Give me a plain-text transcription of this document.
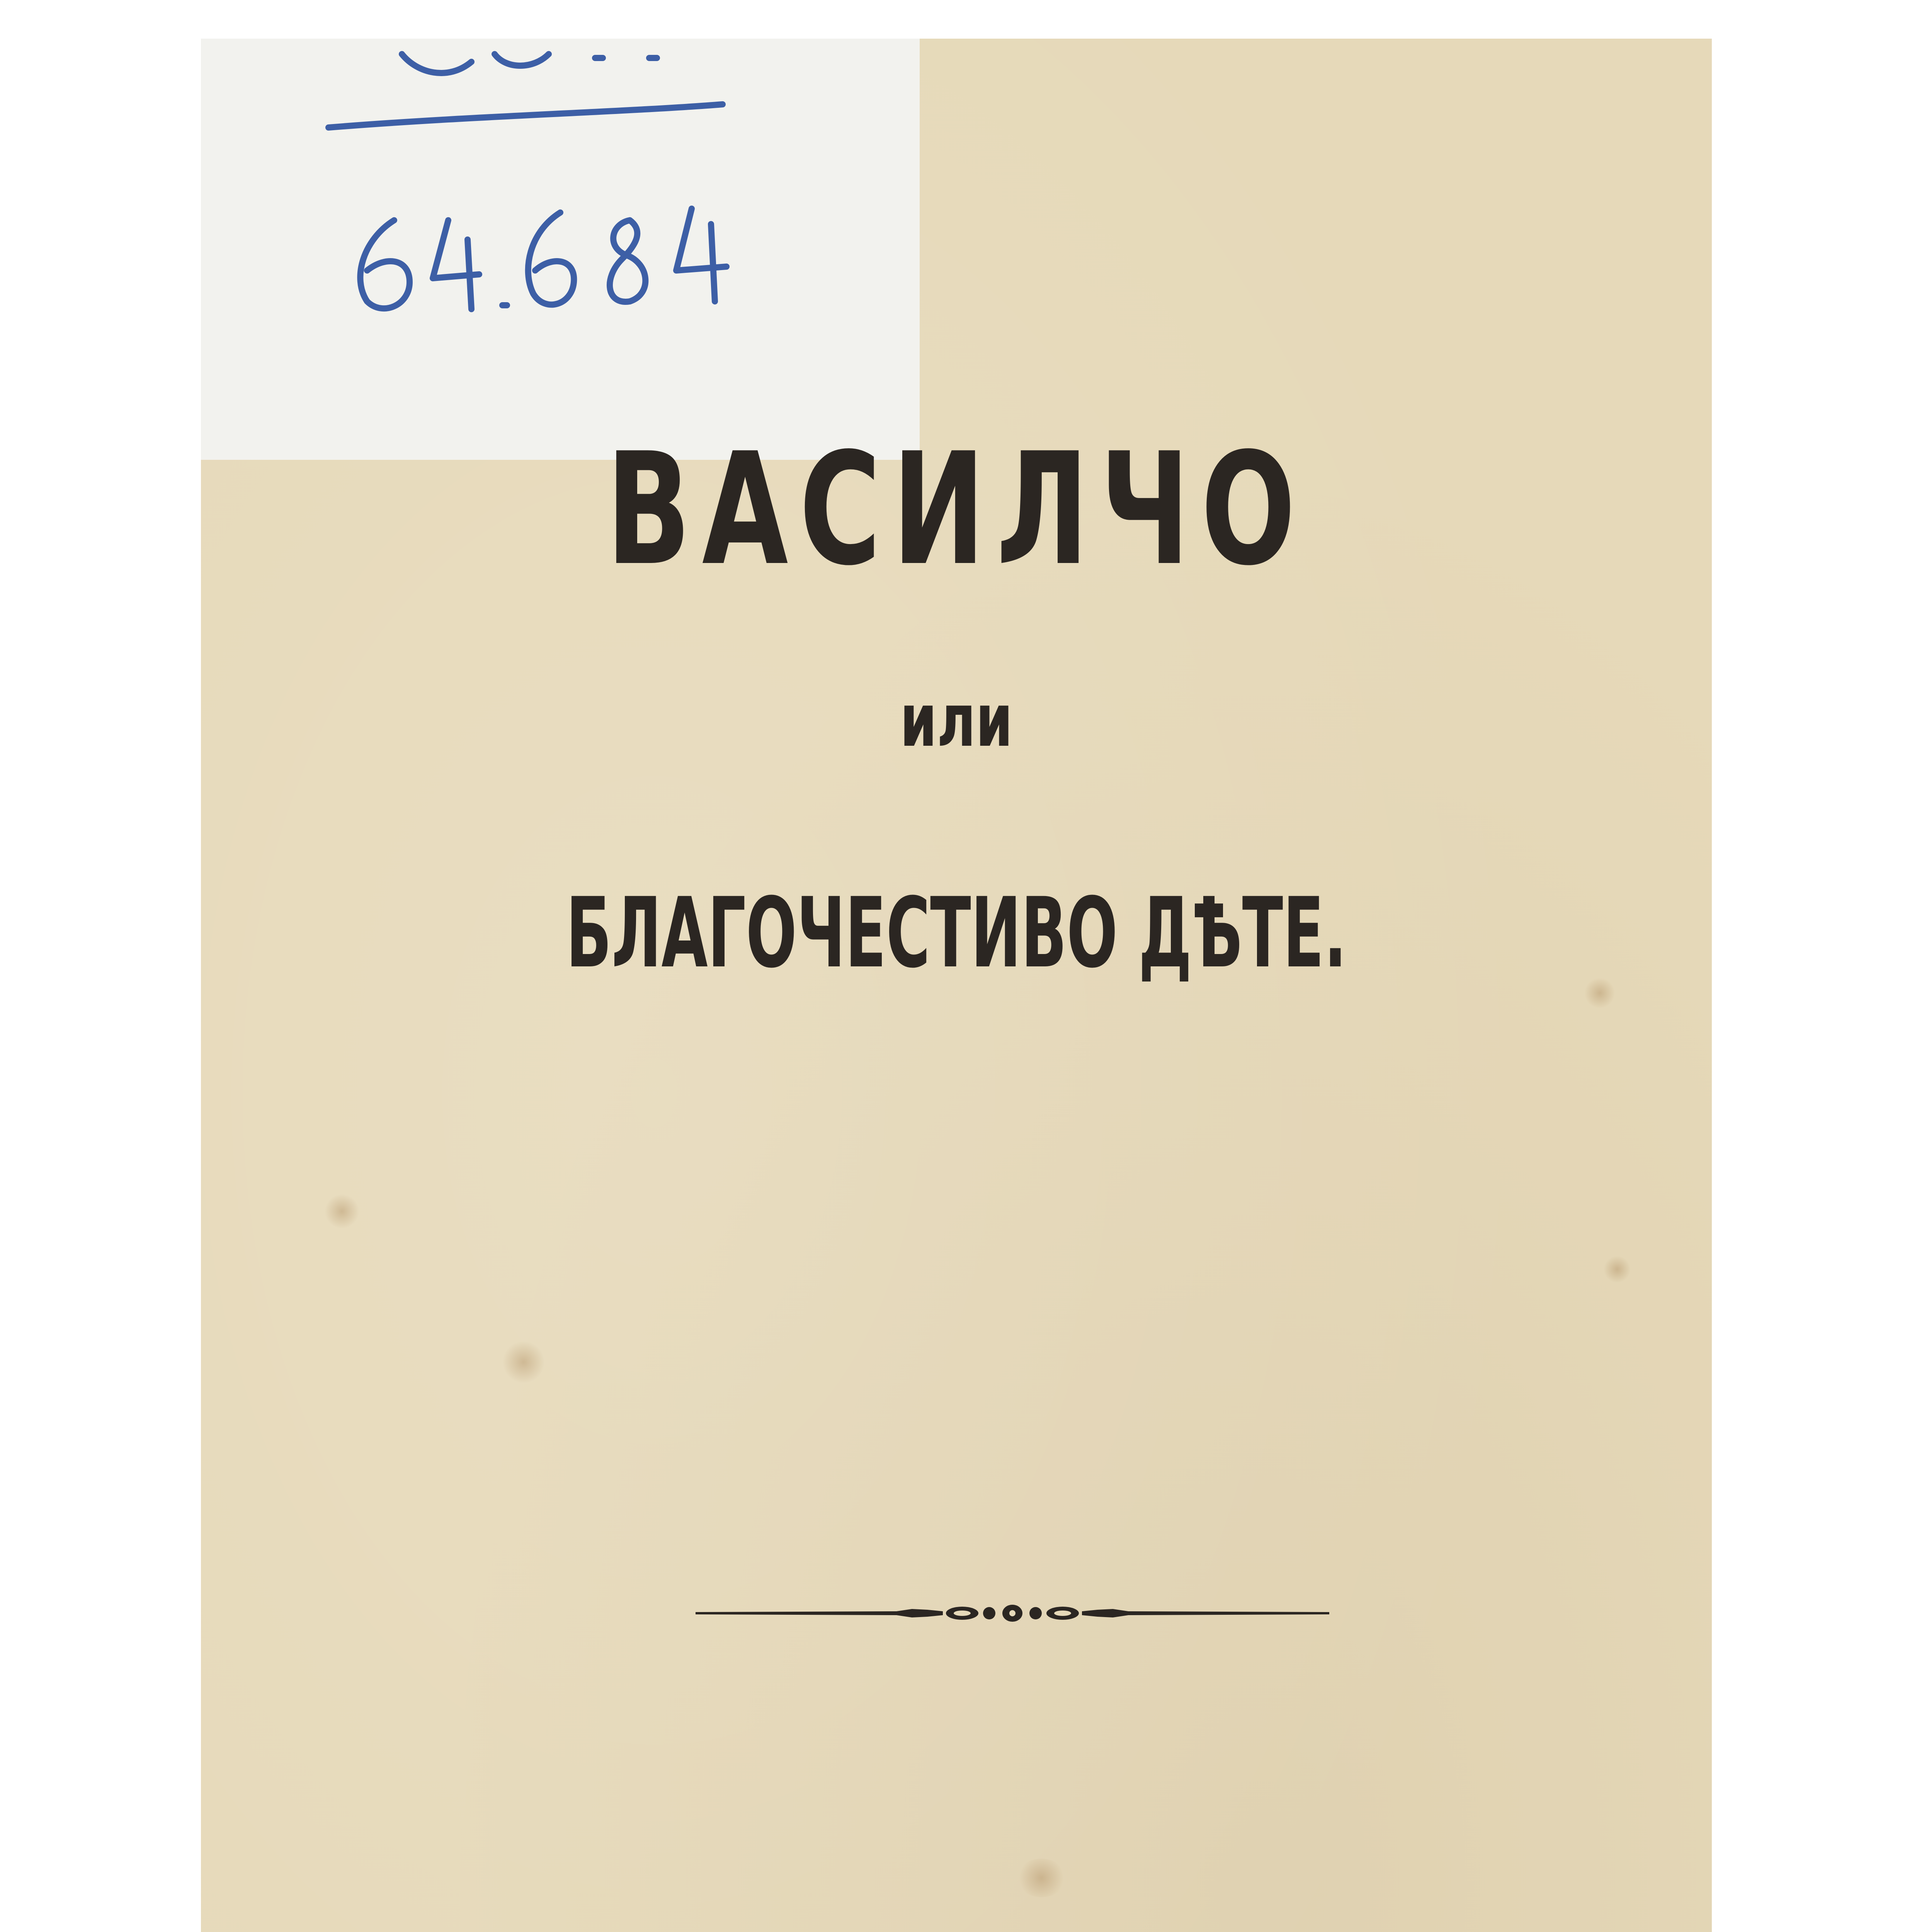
ВАСИЛЧО
или
БЛАГОЧЕСТИВО ДѢТЕ.
